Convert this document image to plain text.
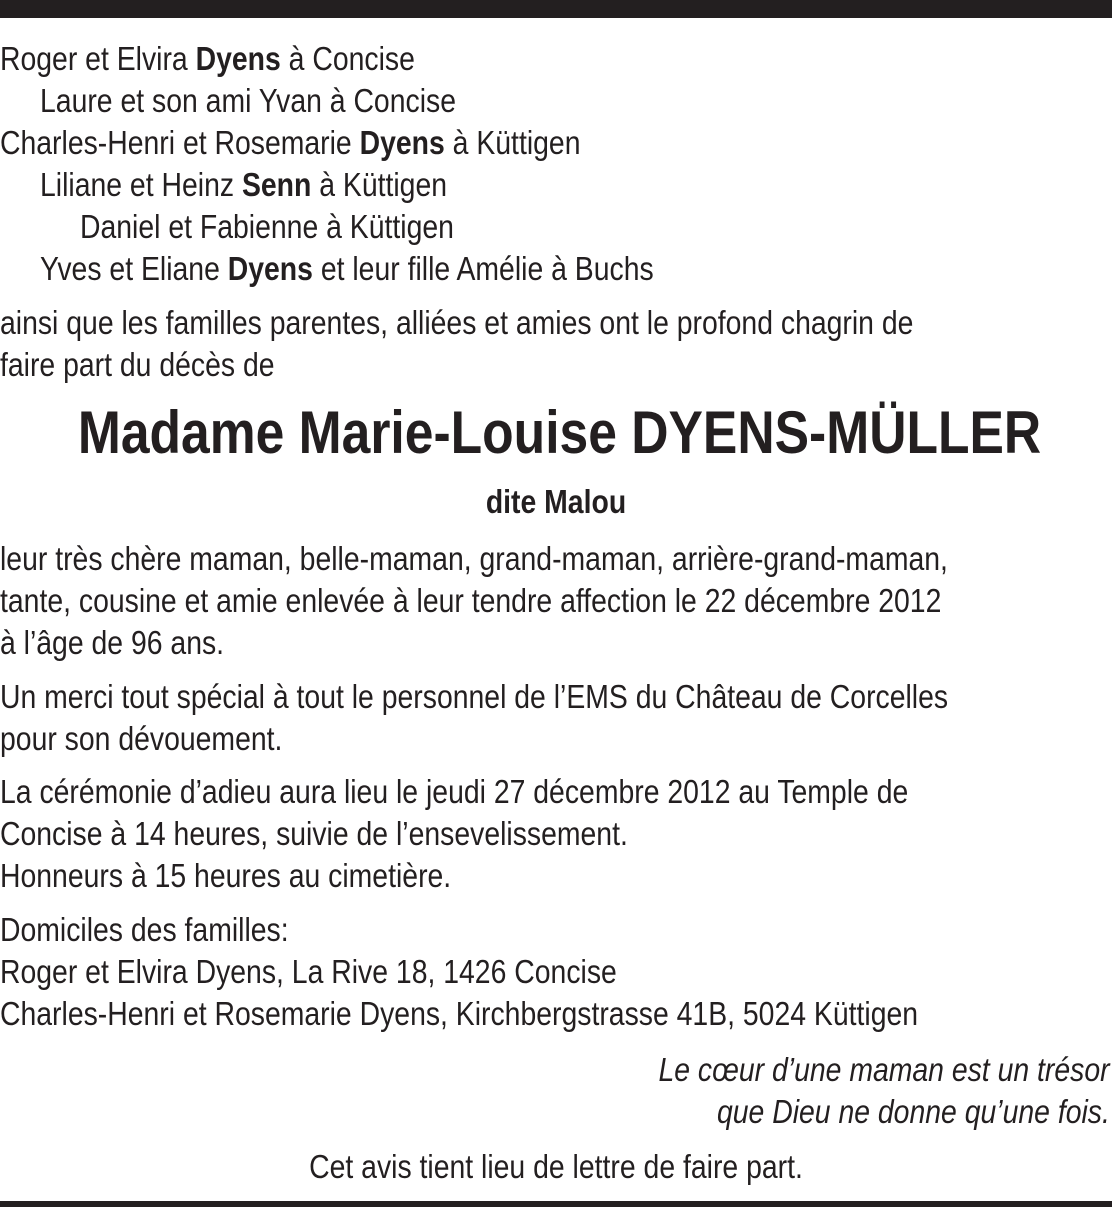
Roger et Elvira Dyens à Concise
Laure et son ami Yvan à Concise
Charles-Henri et Rosemarie Dyens à Küttigen
Liliane et Heinz Senn à Küttigen
Daniel et Fabienne à Küttigen
Yves et Eliane Dyens et leur fille Amélie à Buchs
ainsi que les familles parentes, alliées et amies ont le profond chagrin de
faire part du décès de
Madame Marie-Louise DYENS-MÜLLER
dite Malou
leur très chère maman, belle-maman, grand-maman, arrière-grand-maman,
tante, cousine et amie enlevée à leur tendre affection le 22 décembre 2012
à l’âge de 96 ans.
Un merci tout spécial à tout le personnel de l’EMS du Château de Corcelles
pour son dévouement.
La cérémonie d’adieu aura lieu le jeudi 27 décembre 2012 au Temple de
Concise à 14 heures, suivie de l’ensevelissement.
Honneurs à 15 heures au cimetière.
Domiciles des familles:
Roger et Elvira Dyens, La Rive 18, 1426 Concise
Charles-Henri et Rosemarie Dyens, Kirchbergstrasse 41B, 5024 Küttigen
Le cœur d’une maman est un trésor
que Dieu ne donne qu’une fois.
Cet avis tient lieu de lettre de faire part.
